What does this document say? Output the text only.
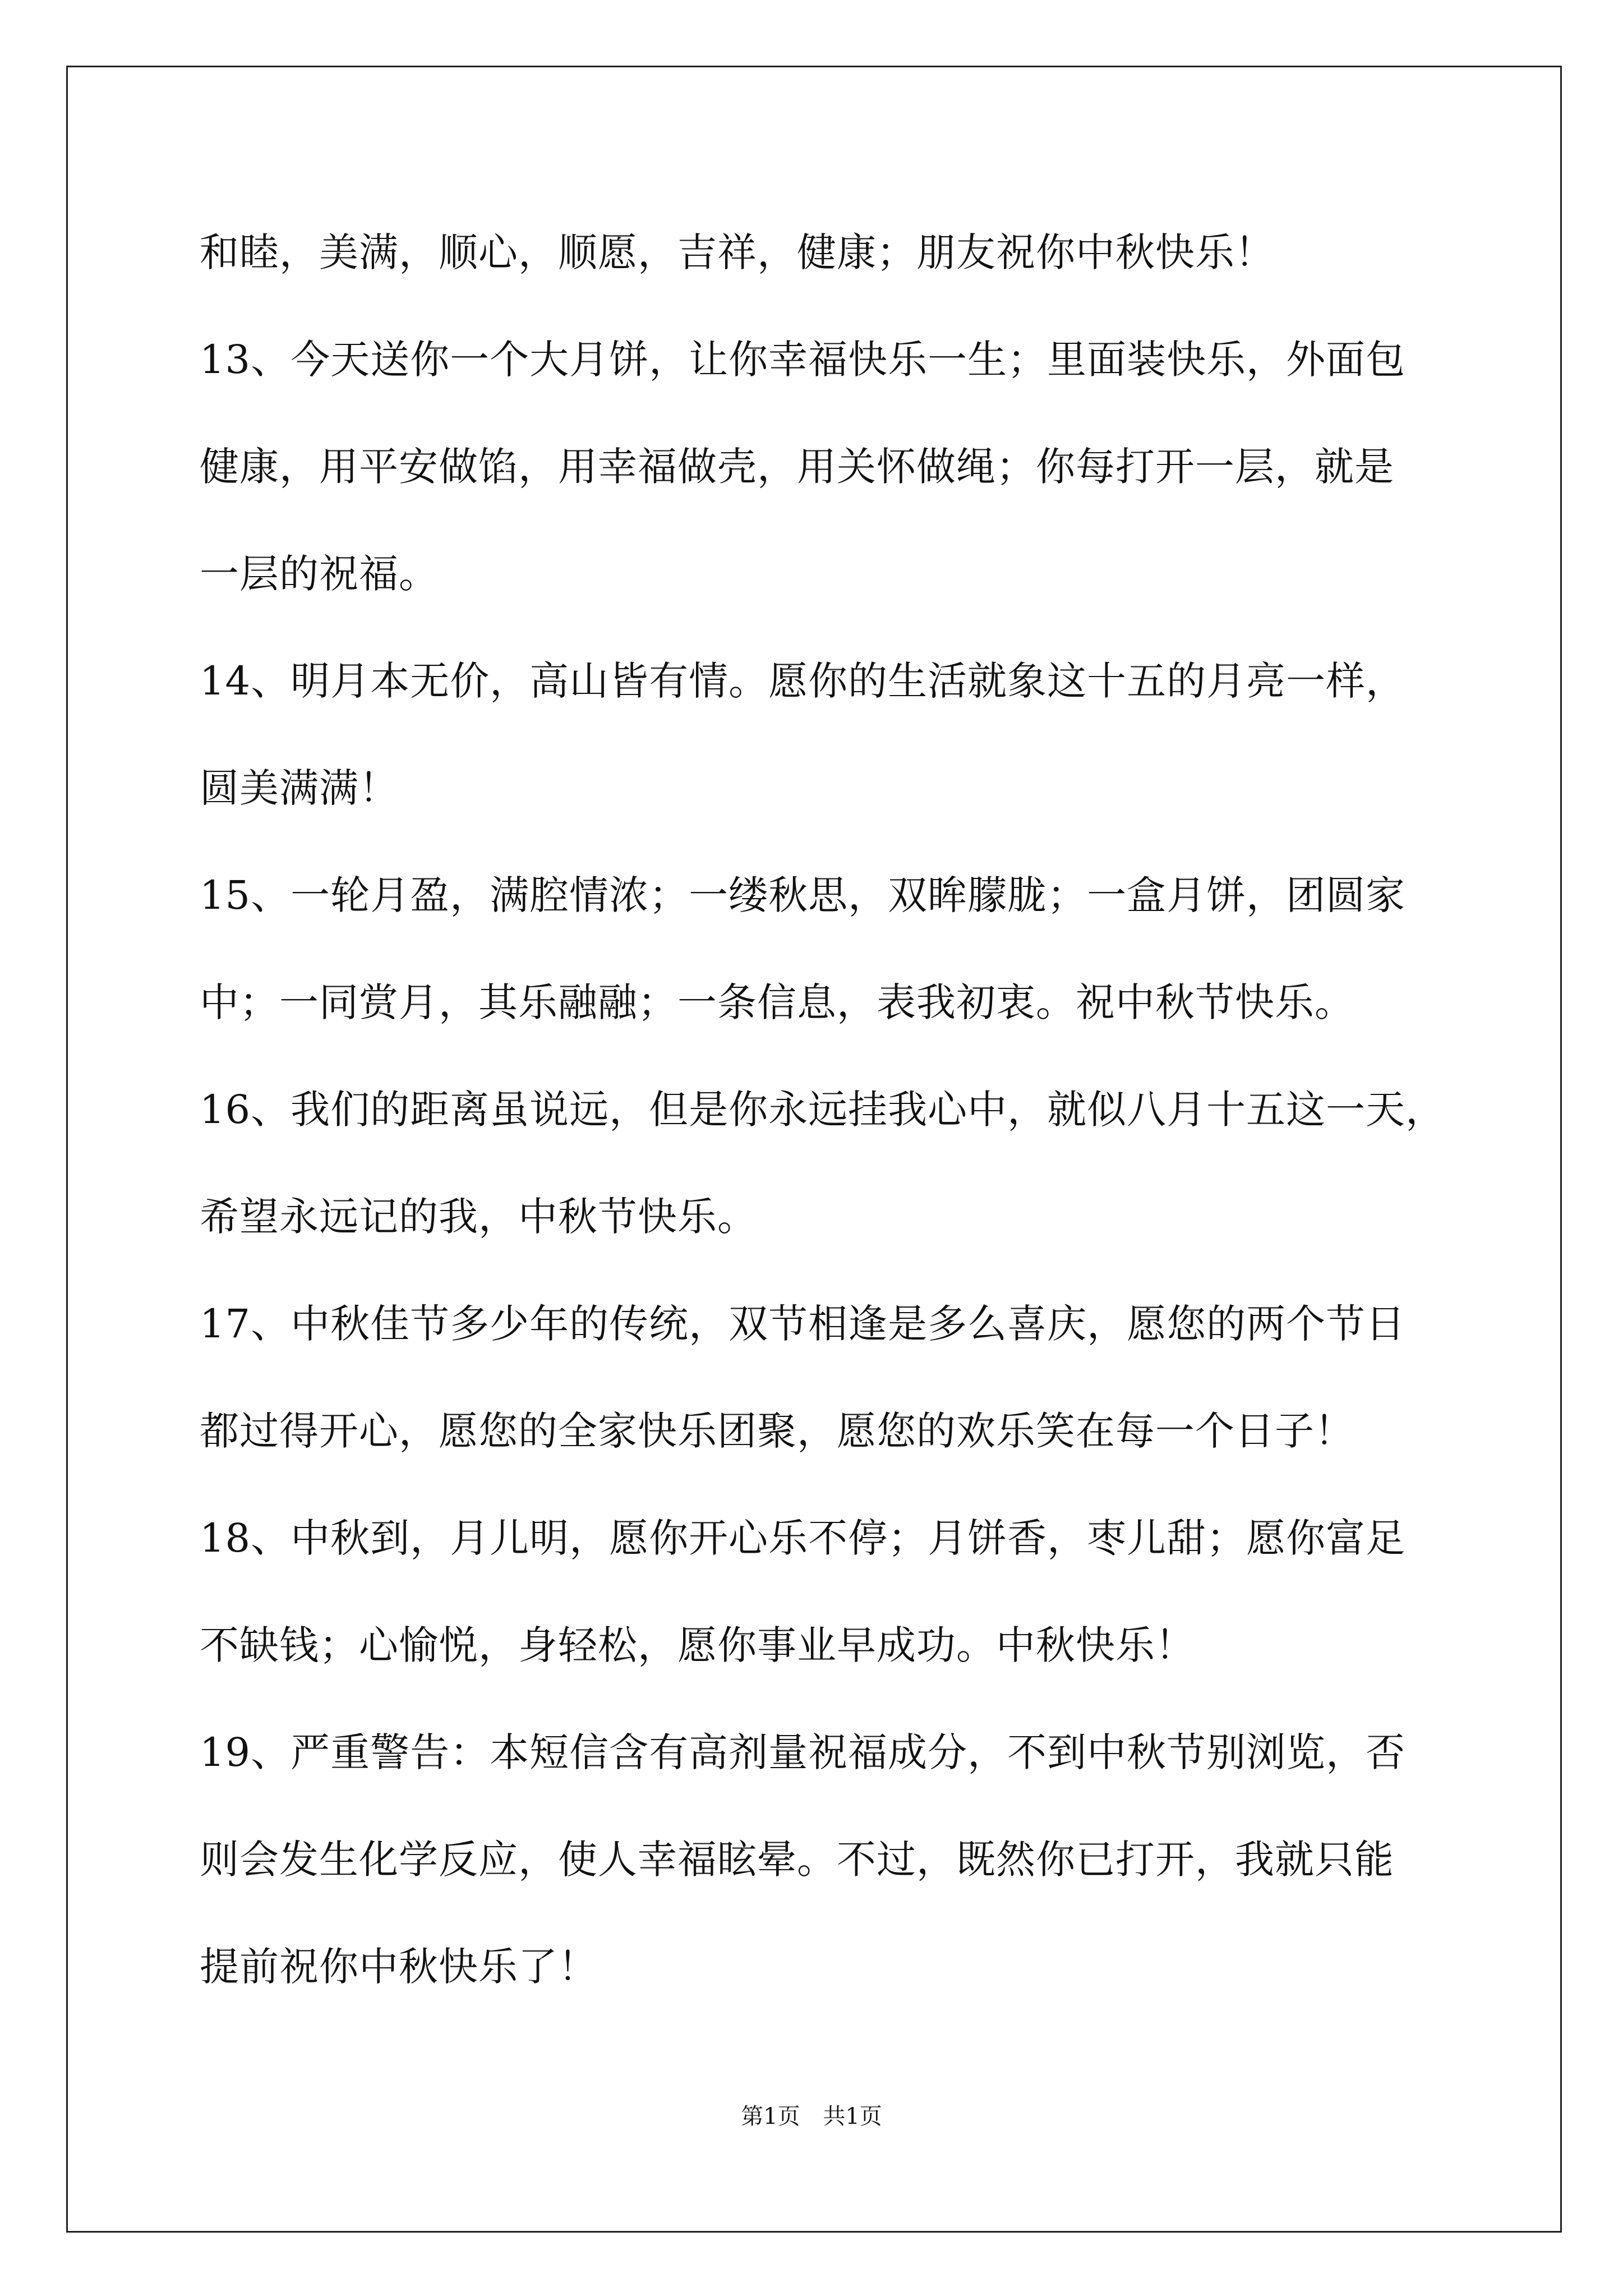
和睦，美满，顺心，顺愿，吉祥，健康；朋友祝你中秋快乐！
13、今天送你一个大月饼，让你幸福快乐一生；里面装快乐，外面包
健康，用平安做馅，用幸福做壳，用关怀做绳；你每打开一层，就是
一层的祝福。
14、明月本无价，高山皆有情。愿你的生活就象这十五的月亮一样，
圆美满满！
15、一轮月盈，满腔情浓；一缕秋思，双眸朦胧；一盒月饼，团圆家
中；一同赏月，其乐融融；一条信息，表我初衷。祝中秋节快乐。
16、我们的距离虽说远，但是你永远挂我心中，就似八月十五这一天，
希望永远记的我，中秋节快乐。
17、中秋佳节多少年的传统，双节相逢是多么喜庆，愿您的两个节日
都过得开心，愿您的全家快乐团聚，愿您的欢乐笑在每一个日子！
18、中秋到，月儿明，愿你开心乐不停；月饼香，枣儿甜；愿你富足
不缺钱；心愉悦，身轻松，愿你事业早成功。中秋快乐！
19、严重警告：本短信含有高剂量祝福成分，不到中秋节别浏览，否
则会发生化学反应，使人幸福眩晕。不过，既然你已打开，我就只能
提前祝你中秋快乐了！
第1页 共1页
